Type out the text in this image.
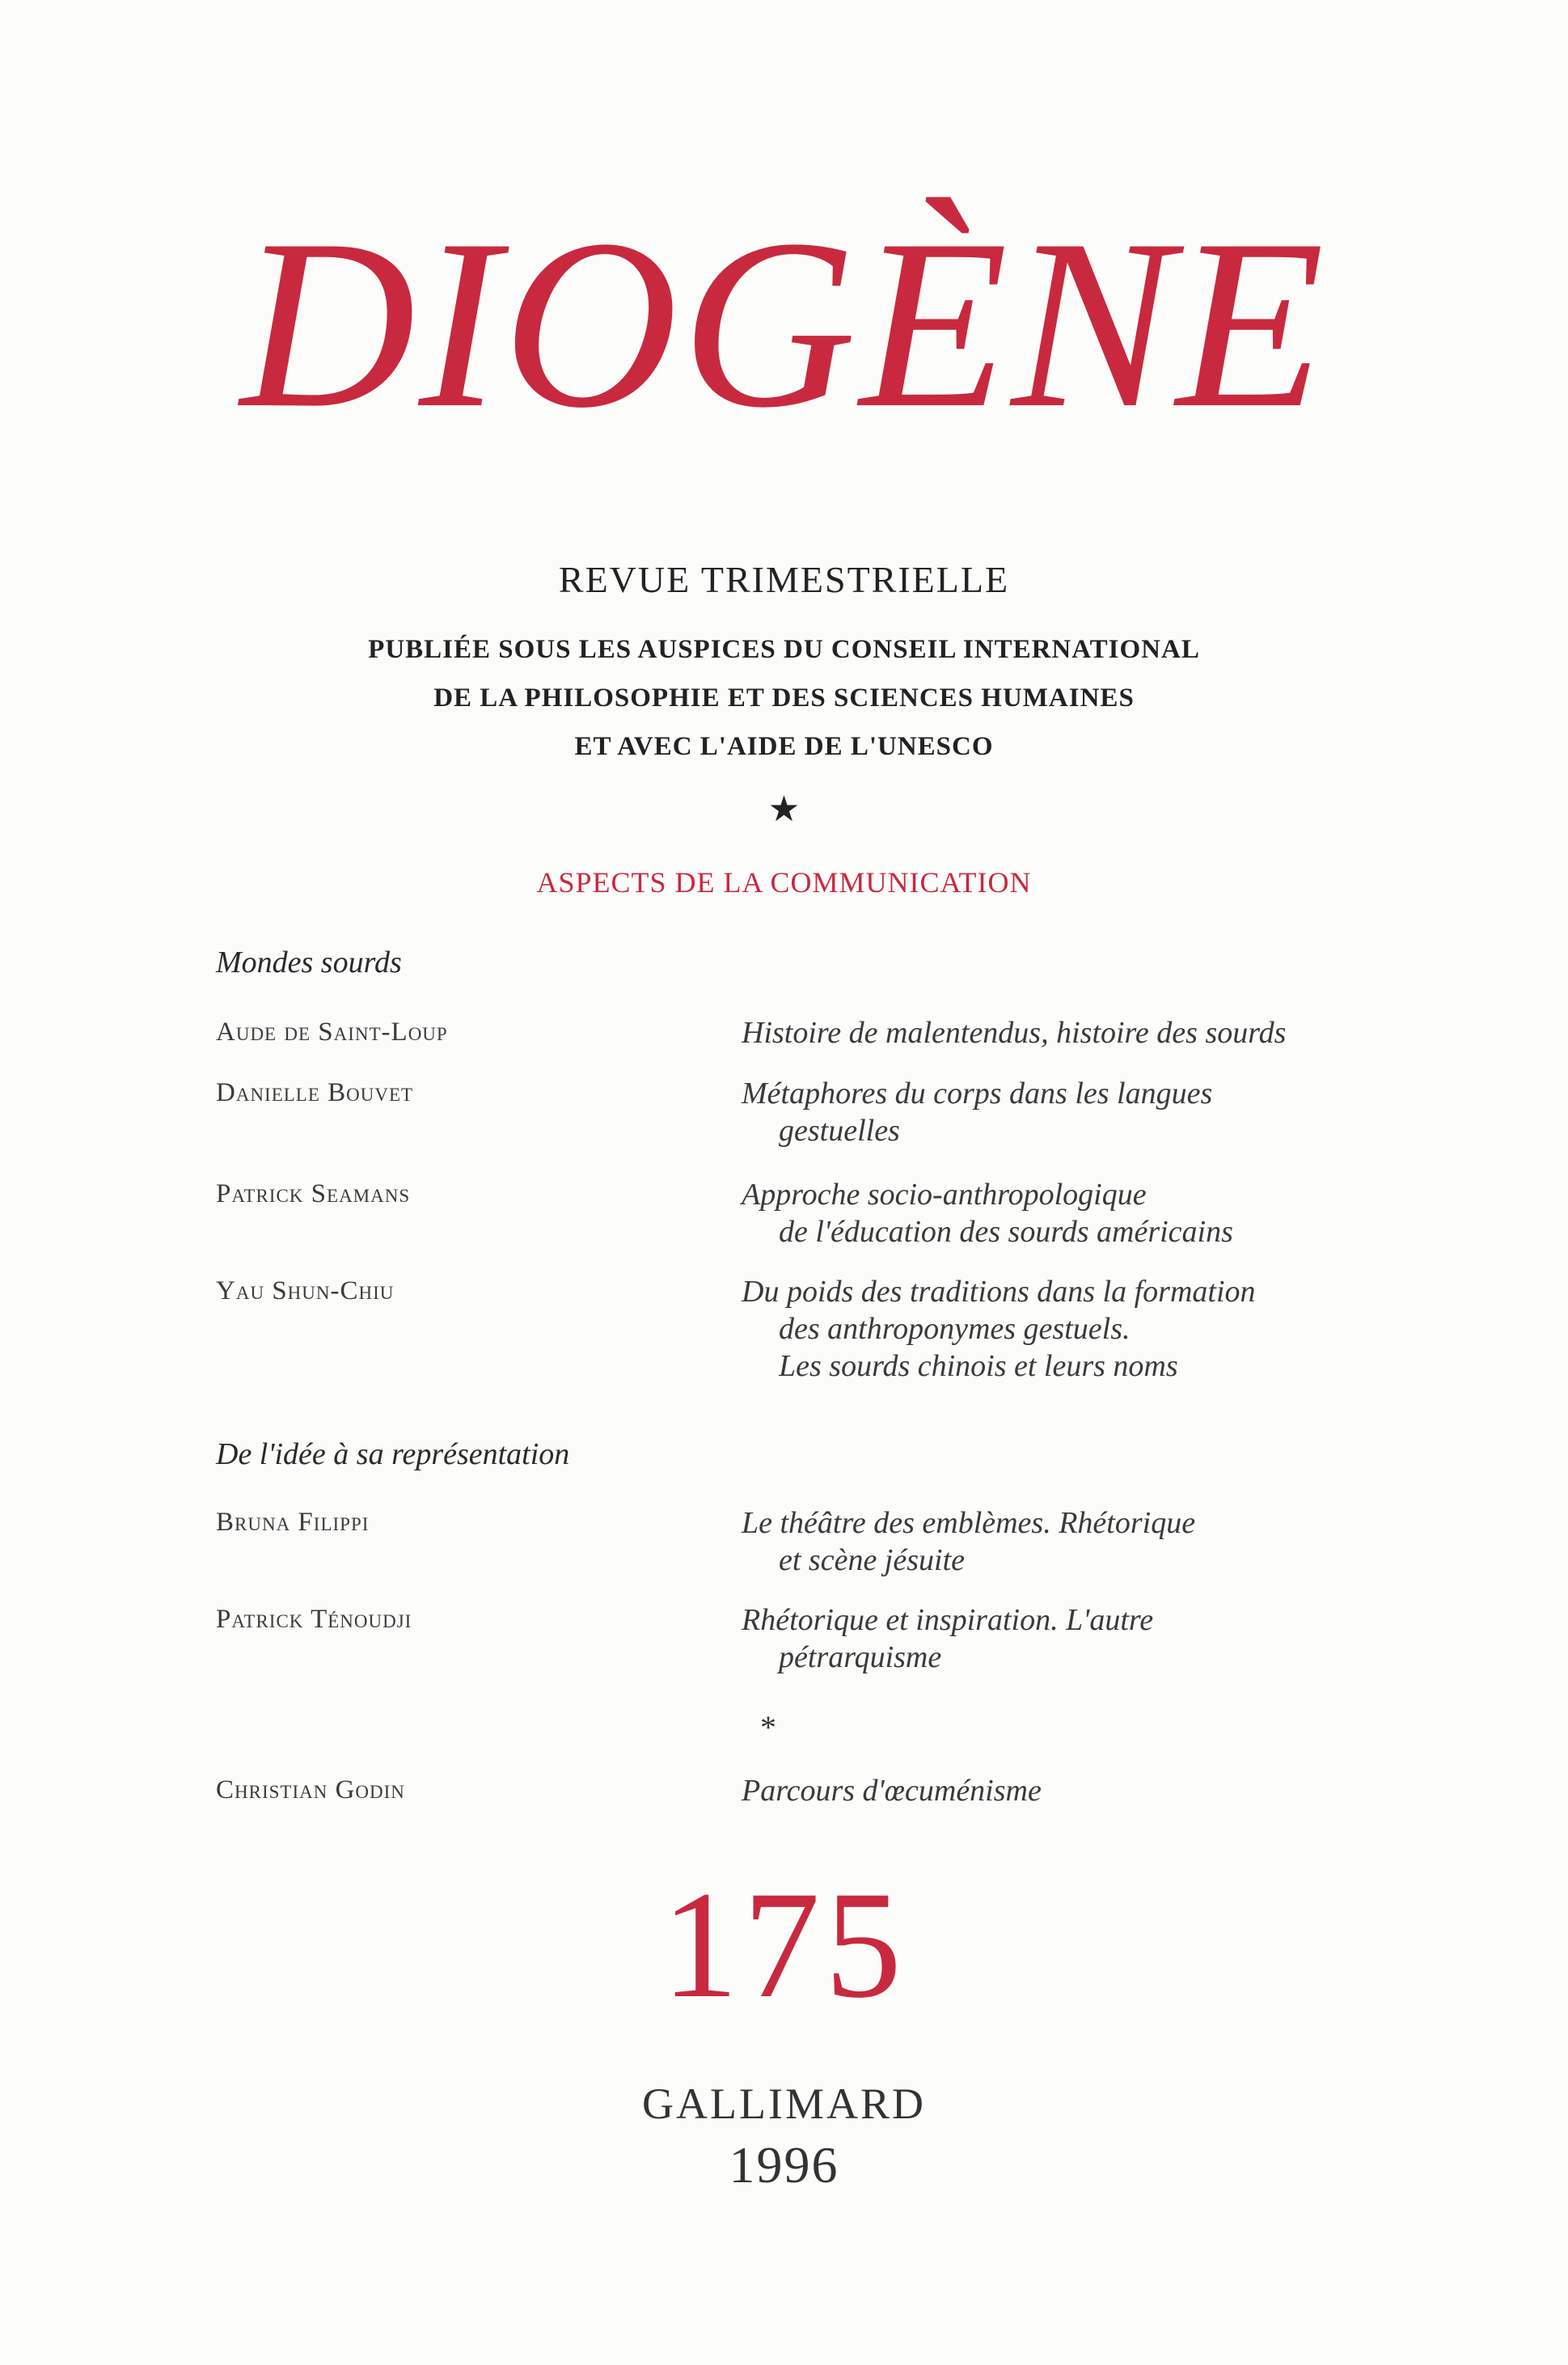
DIOGÈNE
REVUE TRIMESTRIELLE
PUBLIÉE SOUS LES AUSPICES DU CONSEIL INTERNATIONAL
DE LA PHILOSOPHIE ET DES SCIENCES HUMAINES
ET AVEC L'AIDE DE L'UNESCO
★
ASPECTS DE LA COMMUNICATION
Mondes sourds
Aude de Saint-Loup	Histoire de malentendus, histoire des sourds
Danielle Bouvet	Métaphores du corps dans les langues
gestuelles
Patrick Seamans	Approche socio-anthropologique
de l'éducation des sourds américains
Yau Shun-Chiu	Du poids des traditions dans la formation
des anthroponymes gestuels.
Les sourds chinois et leurs noms
De l'idée à sa représentation
Bruna Filippi	Le théâtre des emblèmes. Rhétorique
et scène jésuite
Patrick Ténoudji	Rhétorique et inspiration. L'autre
pétrarquisme
*
Christian Godin	Parcours d'œcuménisme
175
GALLIMARD
1996
